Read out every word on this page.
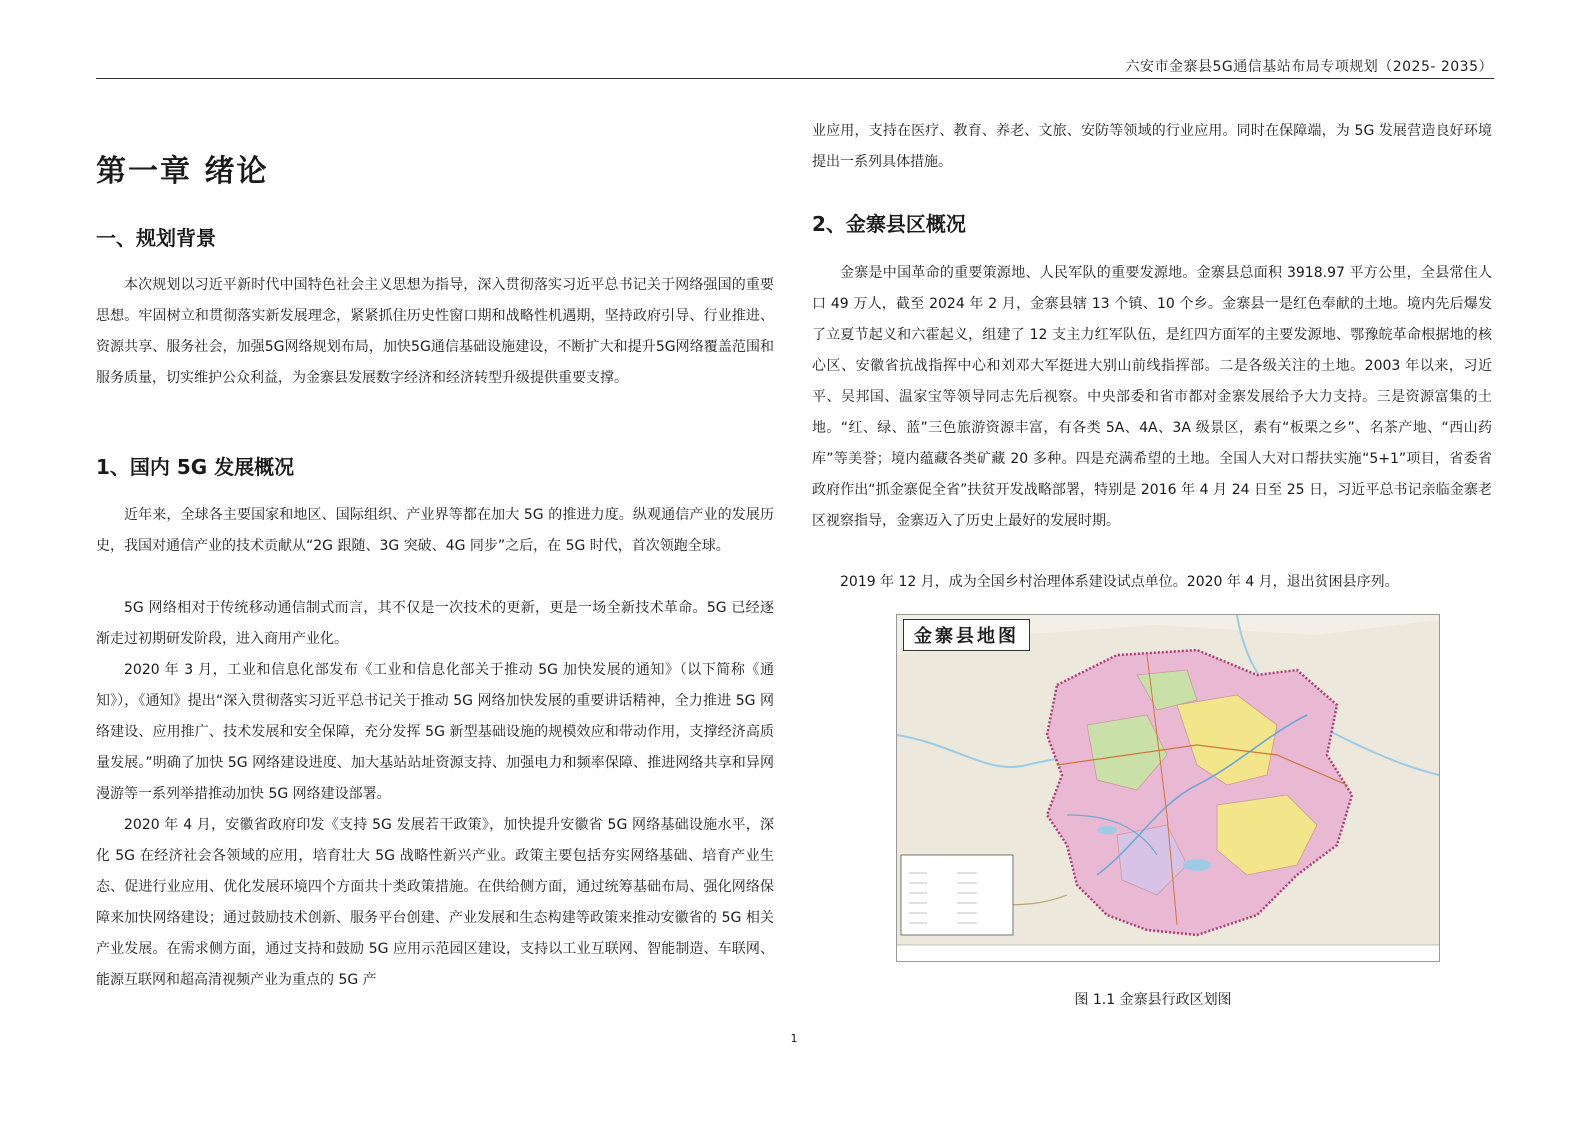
六安市金寨县5G通信基站布局专项规划（2025- 2035）
第一章 绪论
一、规划背景

本次规划以习近平新时代中国特色社会主义思想为指导，深入贯彻落实习近平总书记关于网络强国的重要思想。牢固树立和贯彻落实新发展理念，紧紧抓住历史性窗口期和战略性机遇期，坚持政府引导、行业推进、资源共享、服务社会，加强5G网络规划布局，加快5G通信基础设施建设，不断扩大和提升5G网络覆盖范围和服务质量，切实维护公众利益，为金寨县发展数字经济和经济转型升级提供重要支撑。

1、国内 5G 发展概况

近年来，全球各主要国家和地区、国际组织、产业界等都在加大 5G 的推进力度。纵观通信产业的发展历史，我国对通信产业的技术贡献从“2G 跟随、3G 突破、4G 同步”之后，在 5G 时代，首次领跑全球。

5G 网络相对于传统移动通信制式而言，其不仅是一次技术的更新，更是一场全新技术革命。5G 已经逐渐走过初期研发阶段，进入商用产业化。

2020 年 3 月，工业和信息化部发布《工业和信息化部关于推动 5G 加快发展的通知》（以下简称《通知》），《通知》提出“深入贯彻落实习近平总书记关于推动 5G 网络加快发展的重要讲话精神，全力推进 5G 网络建设、应用推广、技术发展和安全保障，充分发挥 5G 新型基础设施的规模效应和带动作用，支撑经济高质量发展。”明确了加快 5G 网络建设进度、加大基站站址资源支持、加强电力和频率保障、推进网络共享和异网漫游等一系列举措推动加快 5G 网络建设部署。

2020 年 4 月，安徽省政府印发《支持 5G 发展若干政策》，加快提升安徽省 5G 网络基础设施水平，深化 5G 在经济社会各领域的应用，培育壮大 5G 战略性新兴产业。政策主要包括夯实网络基础、培育产业生态、促进行业应用、优化发展环境四个方面共十类政策措施。在供给侧方面，通过统筹基础布局、强化网络保障来加快网络建设；通过鼓励技术创新、服务平台创建、产业发展和生态构建等政策来推动安徽省的 5G 相关产业发展。在需求侧方面，通过支持和鼓励 5G 应用示范园区建设，支持以工业互联网、智能制造、车联网、能源互联网和超高清视频产业为重点的 5G 产

业应用，支持在医疗、教育、养老、文旅、安防等领域的行业应用。同时在保障端，为 5G 发展营造良好环境提出一系列具体措施。

2、金寨县区概况

金寨是中国革命的重要策源地、人民军队的重要发源地。金寨县总面积 3918.97 平方公里，全县常住人口 49 万人，截至 2024 年 2 月，金寨县辖 13 个镇、10 个乡。金寨县一是红色奉献的土地。境内先后爆发了立夏节起义和六霍起义，组建了 12 支主力红军队伍，是红四方面军的主要发源地、鄂豫皖革命根据地的核心区、安徽省抗战指挥中心和刘邓大军挺进大别山前线指挥部。二是各级关注的土地。2003 年以来，习近平、吴邦国、温家宝等领导同志先后视察。中央部委和省市都对金寨发展给予大力支持。三是资源富集的土地。“红、绿、蓝”三色旅游资源丰富，有各类 5A、4A、3A 级景区，素有“板栗之乡”、名茶产地、“西山药库”等美誉；境内蕴藏各类矿藏 20 多种。四是充满希望的土地。全国人大对口帮扶实施“5+1”项目，省委省政府作出“抓金寨促全省”扶贫开发战略部署，特别是 2016 年 4 月 24 日至 25 日，习近平总书记亲临金寨老区视察指导，金寨迈入了历史上最好的发展时期。

2019 年 12 月，成为全国乡村治理体系建设试点单位。2020 年 4 月，退出贫困县序列。

金寨县地图
图 1.1 金寨县行政区划图
1
